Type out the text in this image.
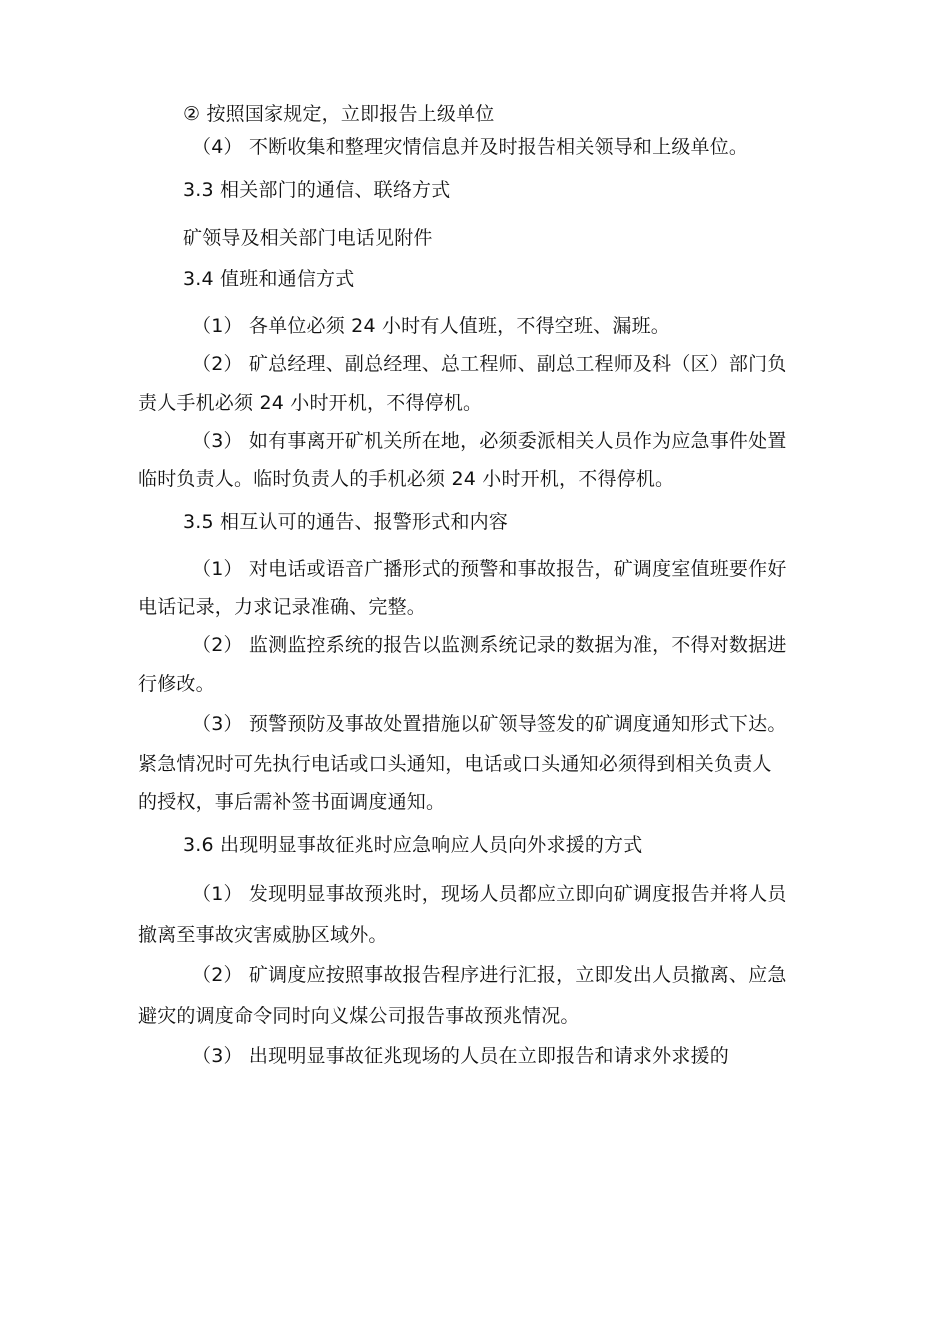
② 按照国家规定，立即报告上级单位
（4） 不断收集和整理灾情信息并及时报告相关领导和上级单位。
3.3 相关部门的通信、联络方式
矿领导及相关部门电话见附件
3.4 值班和通信方式
（1） 各单位必须 24 小时有人值班，不得空班、漏班。
（2） 矿总经理、副总经理、总工程师、副总工程师及科（区）部门负
责人手机必须 24 小时开机，不得停机。
（3） 如有事离开矿机关所在地，必须委派相关人员作为应急事件处置
临时负责人。临时负责人的手机必须 24 小时开机，不得停机。
3.5 相互认可的通告、报警形式和内容
（1） 对电话或语音广播形式的预警和事故报告，矿调度室值班要作好
电话记录，力求记录准确、完整。
（2） 监测监控系统的报告以监测系统记录的数据为准，不得对数据进
行修改。
（3） 预警预防及事故处置措施以矿领导签发的矿调度通知形式下达。
紧急情况时可先执行电话或口头通知，电话或口头通知必须得到相关负责人
的授权，事后需补签书面调度通知。
3.6 出现明显事故征兆时应急响应人员向外求援的方式
（1） 发现明显事故预兆时，现场人员都应立即向矿调度报告并将人员
撤离至事故灾害威胁区域外。
（2） 矿调度应按照事故报告程序进行汇报，立即发出人员撤离、应急
避灾的调度命令同时向义煤公司报告事故预兆情况。
（3） 出现明显事故征兆现场的人员在立即报告和请求外求援的
